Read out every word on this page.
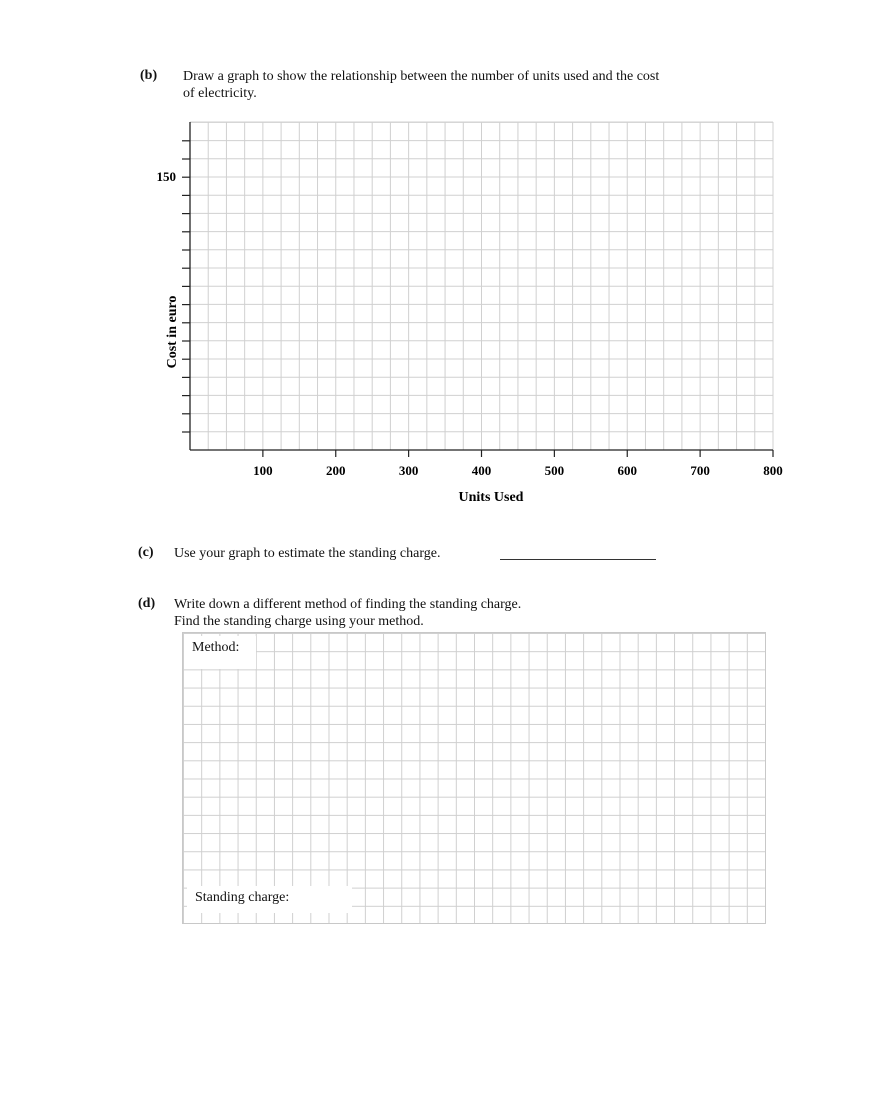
(b) Draw a graph to show the relationship between the number of units used and the cost
of electricity.
100	200	300	400	500	600	700	800
Units Used
150
Cost in euro
(c) Use your graph to estimate the standing charge.
(d) Write down a different method of finding the standing charge.
Find the standing charge using your method.
Method:
Standing charge:
